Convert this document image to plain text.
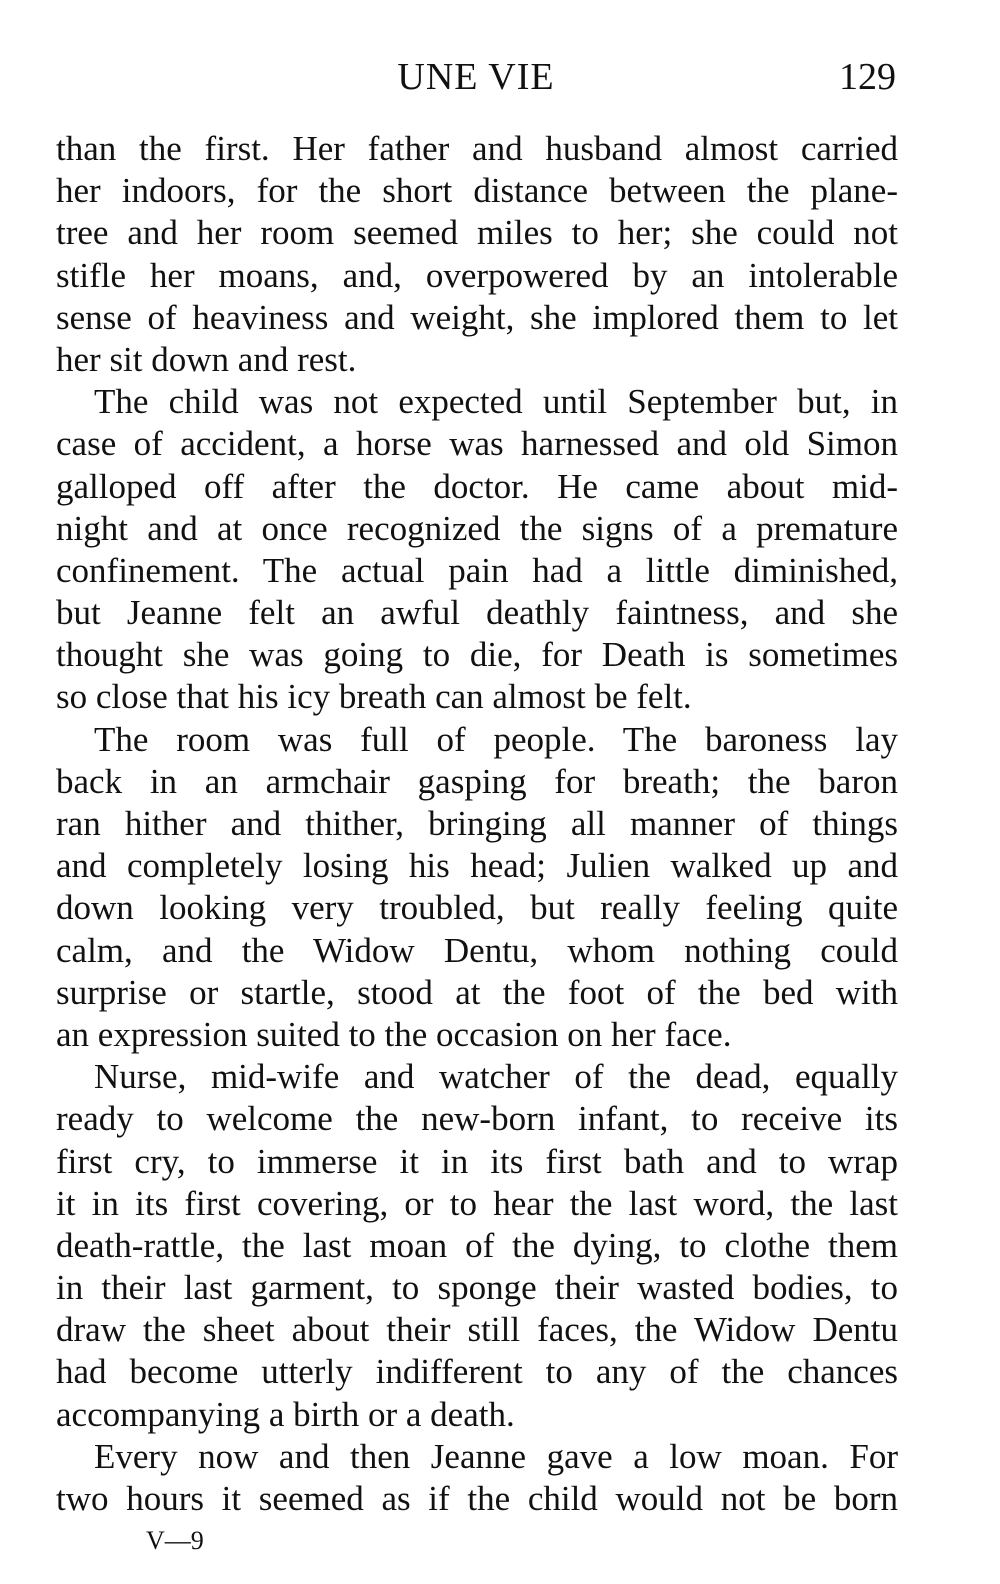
UNE VIE	129
than the first. Her father and husband almost carried
her indoors, for the short distance between the plane-
tree and her room seemed miles to her; she could not
stifle her moans, and, overpowered by an intolerable
sense of heaviness and weight, she implored them to let
her sit down and rest.
The child was not expected until September but, in
case of accident, a horse was harnessed and old Simon
galloped off after the doctor. He came about mid-
night and at once recognized the signs of a premature
confinement. The actual pain had a little diminished,
but Jeanne felt an awful deathly faintness, and she
thought she was going to die, for Death is sometimes
so close that his icy breath can almost be felt.
The room was full of people. The baroness lay
back in an armchair gasping for breath; the baron
ran hither and thither, bringing all manner of things
and completely losing his head; Julien walked up and
down looking very troubled, but really feeling quite
calm, and the Widow Dentu, whom nothing could
surprise or startle, stood at the foot of the bed with
an expression suited to the occasion on her face.
Nurse, mid-wife and watcher of the dead, equally
ready to welcome the new-born infant, to receive its
first cry, to immerse it in its first bath and to wrap
it in its first covering, or to hear the last word, the last
death-rattle, the last moan of the dying, to clothe them
in their last garment, to sponge their wasted bodies, to
draw the sheet about their still faces, the Widow Dentu
had become utterly indifferent to any of the chances
accompanying a birth or a death.
Every now and then Jeanne gave a low moan. For
two hours it seemed as if the child would not be born
V—9
